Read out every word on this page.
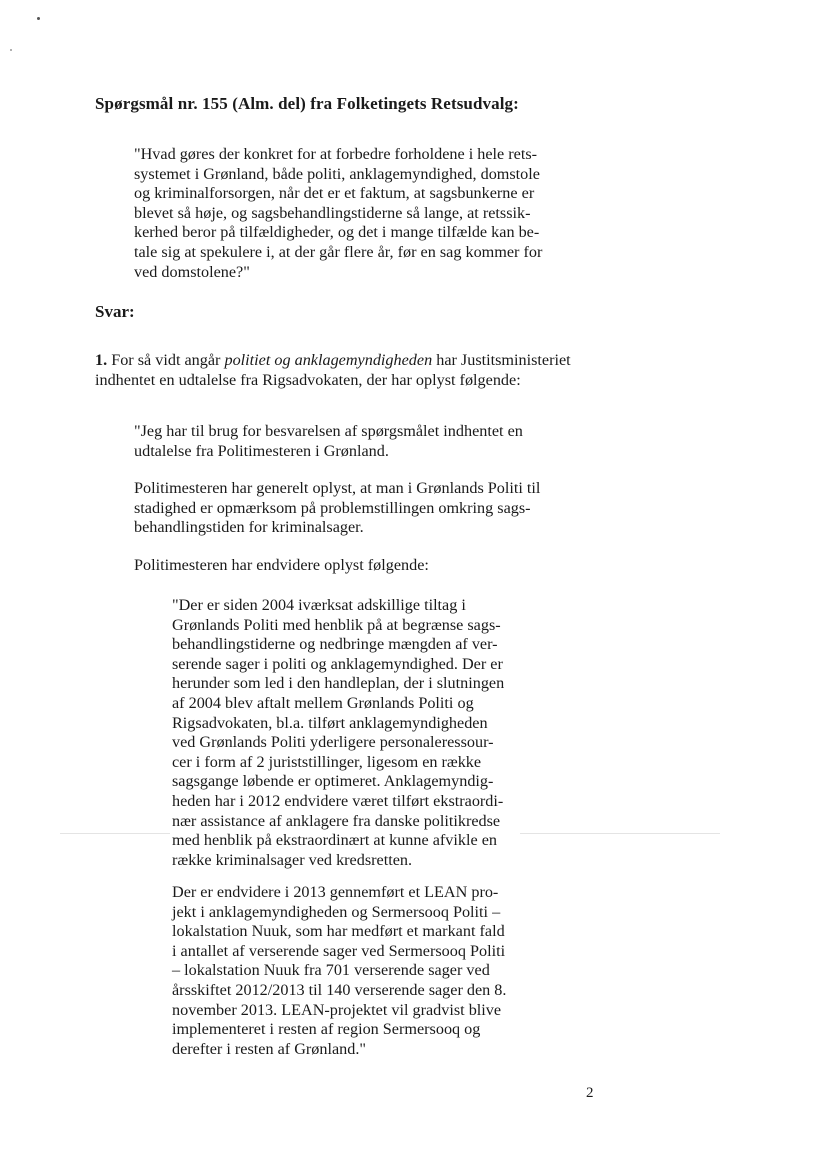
Spørgsmål nr. 155 (Alm. del) fra Folketingets Retsudvalg:
"Hvad gøres der konkret for at forbedre forholdene i hele rets-
systemet i Grønland, både politi, anklagemyndighed, domstole
og kriminalforsorgen, når det er et faktum, at sagsbunkerne er
blevet så høje, og sagsbehandlingstiderne så lange, at retssik-
kerhed beror på tilfældigheder, og det i mange tilfælde kan be-
tale sig at spekulere i, at der går flere år, før en sag kommer for
ved domstolene?"
Svar:
1. For så vidt angår politiet og anklagemyndigheden har Justitsministeriet
indhentet en udtalelse fra Rigsadvokaten, der har oplyst følgende:
"Jeg har til brug for besvarelsen af spørgsmålet indhentet en
udtalelse fra Politimesteren i Grønland.
Politimesteren har generelt oplyst, at man i Grønlands Politi til
stadighed er opmærksom på problemstillingen omkring sags-
behandlingstiden for kriminalsager.
Politimesteren har endvidere oplyst følgende:
"Der er siden 2004 iværksat adskillige tiltag i
Grønlands Politi med henblik på at begrænse sags-
behandlingstiderne og nedbringe mængden af ver-
serende sager i politi og anklagemyndighed. Der er
herunder som led i den handleplan, der i slutningen
af 2004 blev aftalt mellem Grønlands Politi og
Rigsadvokaten, bl.a. tilført anklagemyndigheden
ved Grønlands Politi yderligere personaleressour-
cer i form af 2 juriststillinger, ligesom en række
sagsgange løbende er optimeret. Anklagemyndig-
heden har i 2012 endvidere været tilført ekstraordi-
nær assistance af anklagere fra danske politikredse
med henblik på ekstraordinært at kunne afvikle en
række kriminalsager ved kredsretten.
Der er endvidere i 2013 gennemført et LEAN pro-
jekt i anklagemyndigheden og Sermersooq Politi –
lokalstation Nuuk, som har medført et markant fald
i antallet af verserende sager ved Sermersooq Politi
– lokalstation Nuuk fra 701 verserende sager ved
årsskiftet 2012/2013 til 140 verserende sager den 8.
november 2013. LEAN-projektet vil gradvist blive
implementeret i resten af region Sermersooq og
derefter i resten af Grønland."
2
